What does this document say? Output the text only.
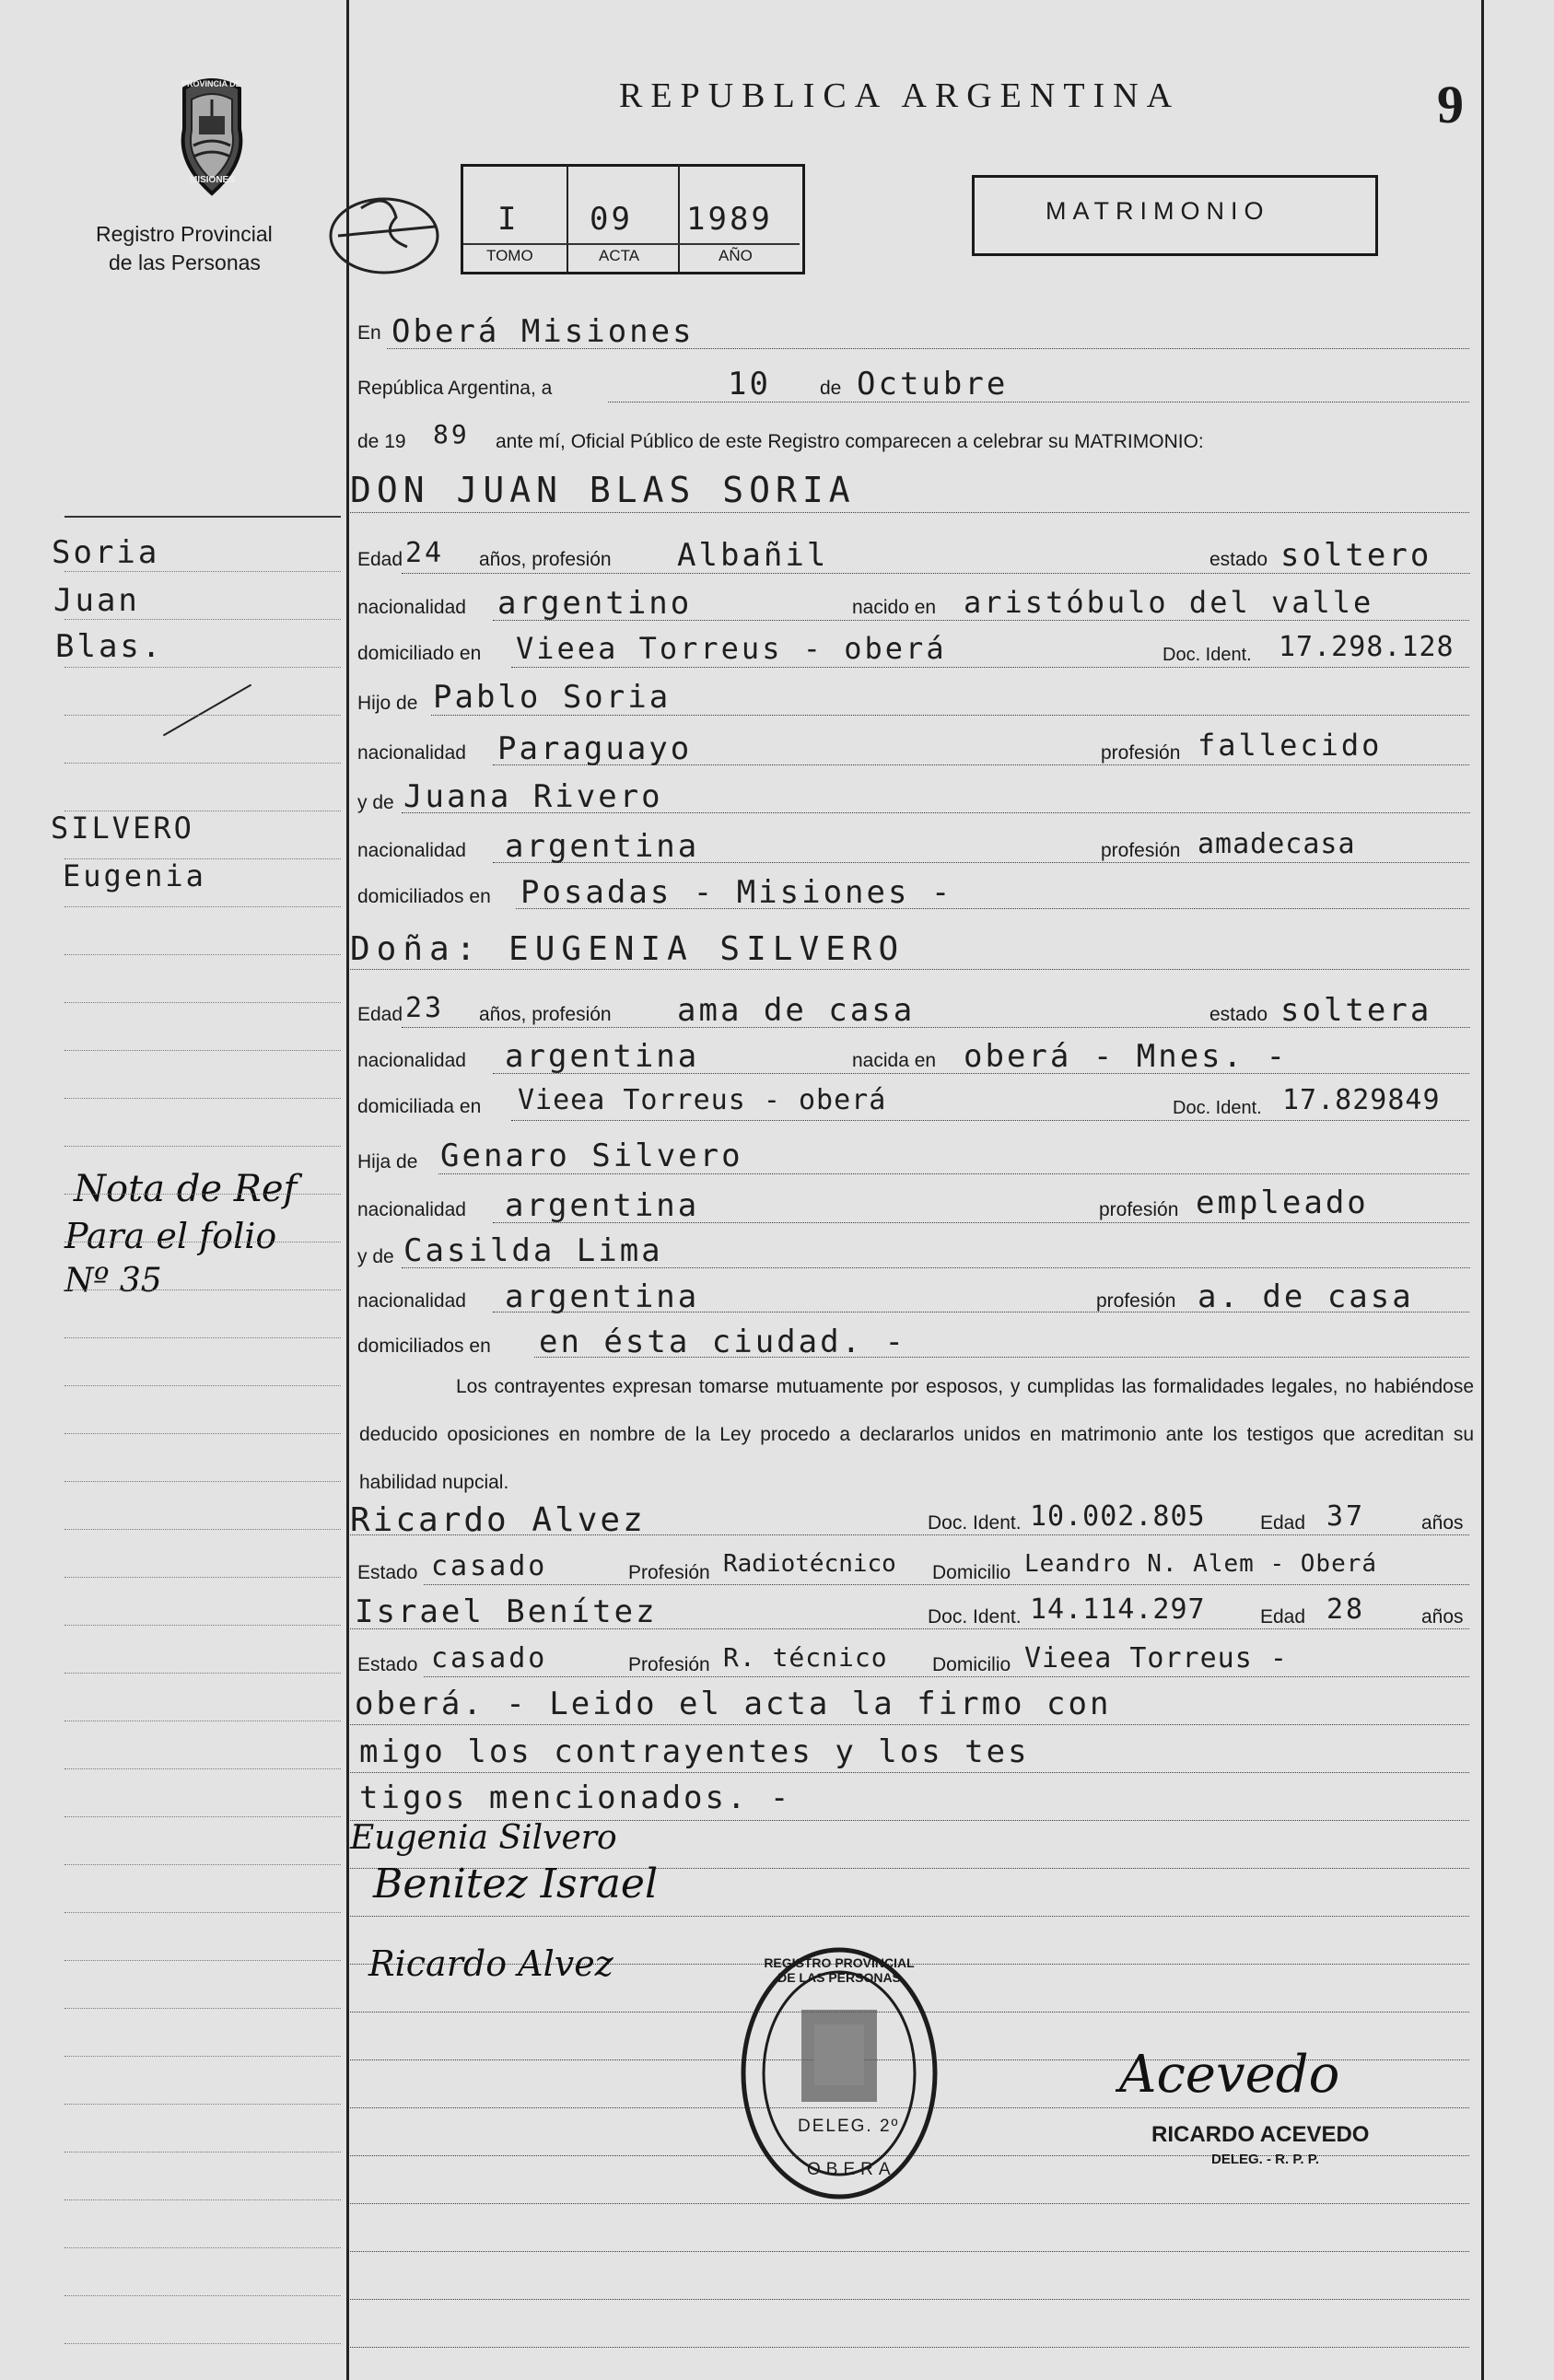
PROVINCIA DE
MISIONES
Registro Provincial
de las Personas
REPUBLICA ARGENTINA	9
I 09 1989
TOMO	ACTA	AÑO
MATRIMONIO
En Oberá Misiones
República Argentina, a	10	de Octubre
de 19 89 ante mí, Oficial Público de este Registro comparecen a celebrar su MATRIMONIO:
DON JUAN BLAS SORIA
Edad 24 años, profesión Albañil	estado soltero
nacionalidad argentino	nacido en aristóbulo del valle
domiciliado en Vieea Torreus - oberá	Doc. Ident. 17.298.128
Hijo de Pablo Soria
nacionalidad Paraguayo	profesión fallecido
y de Juana Rivero
nacionalidad argentina	profesión amadecasa
domiciliados en Posadas - Misiones -
Doña: EUGENIA SILVERO
Edad 23 años, profesión ama de casa	estado soltera
nacionalidad argentina	nacida en oberá - Mnes. -
domiciliada en Vieea Torreus - oberá	Doc. Ident. 17.829849
Hija de Genaro Silvero
nacionalidad argentina	profesión empleado
y de Casilda Lima
nacionalidad argentina	profesión a. de casa
domiciliados en en ésta ciudad. -
Los contrayentes expresan tomarse mutuamente por esposos, y cumplidas las formalidades legales, no habiéndose deducido oposiciones en nombre de la Ley procedo a declararlos unidos en matrimonio ante los testigos que acreditan su habilidad nupcial.
Ricardo Alvez	Doc. Ident. 10.002.805	Edad 37	años
Estado casado	Profesión Radiotécnico Domicilio Leandro N. Alem - Oberá
Israel Benítez	Doc. Ident. 14.114.297	Edad 28	años
Estado casado	Profesión R. técnico Domicilio Vieea Torreus -
oberá. - Leido el acta la firmo con
migo los contrayentes y los tes
tigos mencionados. -
Eugenia Silvero
Benitez Israel
Ricardo Alvez
Acevedo
REGISTRO PROVINCIAL DE LAS PERSONAS
DELEG. 2º
OBERA
RICARDO ACEVEDO
DELEG. - R. P. P.
Soria
Juan
Blas.
SILVERO
Eugenia
Nota de Ref
Para el folio
Nº 35
